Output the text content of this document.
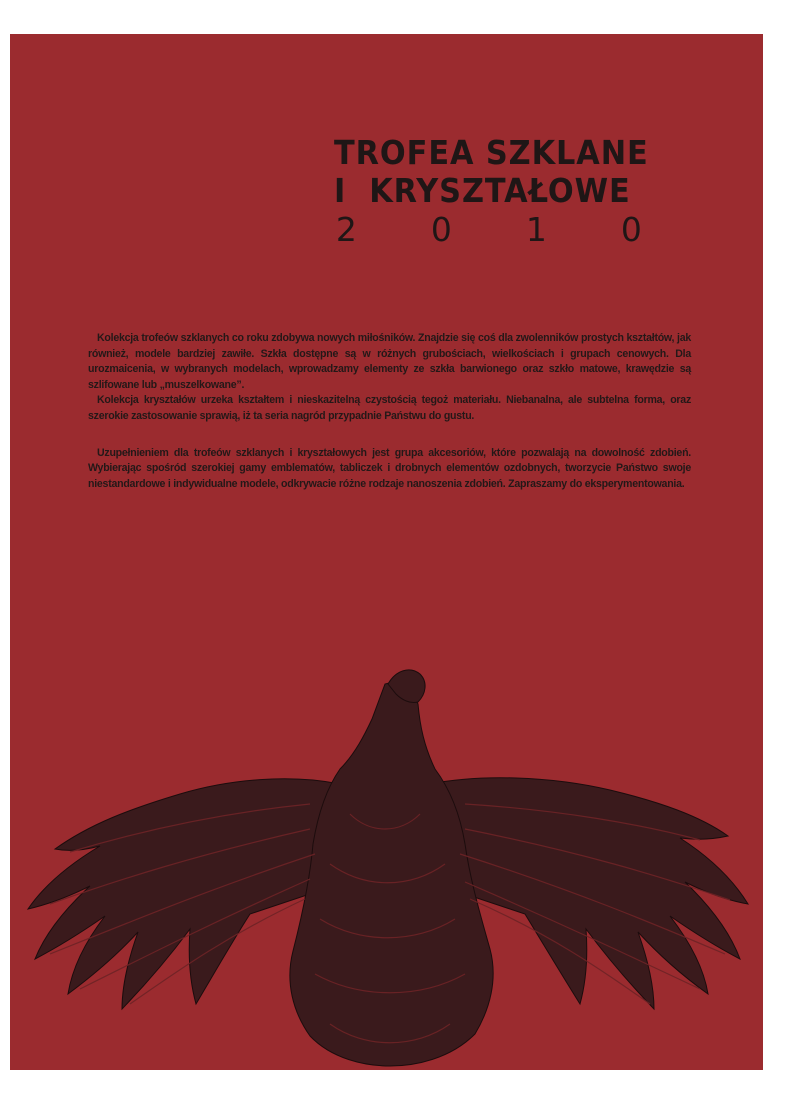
TROFEA SZKLANE
I  KRYSZTAŁOWE
2 0 1 0

Kolekcja trofeów szklanych co roku zdobywa nowych miłośników. Znajdzie się coś dla zwolenników prostych kształtów, jak również, modele bardziej zawiłe. Szkła dostępne są w różnych grubościach, wielkościach i grupach cenowych. Dla urozmaicenia, w wybranych modelach, wprowadzamy elementy ze szkła barwionego oraz szkło matowe, krawędzie są szlifowane lub „muszelkowane”.

Kolekcja kryształów urzeka kształtem i nieskazitelną czystością tegoż materiału. Niebanalna, ale subtelna forma, oraz szerokie zastosowanie sprawią, iż ta seria nagród przypadnie Państwu do gustu.

Uzupełnieniem dla trofeów szklanych i kryształowych jest grupa akcesoriów, które pozwalają na dowolność zdobień. Wybierając spośród szerokiej gamy emblematów, tabliczek i drobnych elementów ozdobnych, tworzycie Państwo swoje niestandardowe i indywidualne modele, odkrywacie różne rodzaje nanoszenia zdobień. Zapraszamy do eksperymentowania.
